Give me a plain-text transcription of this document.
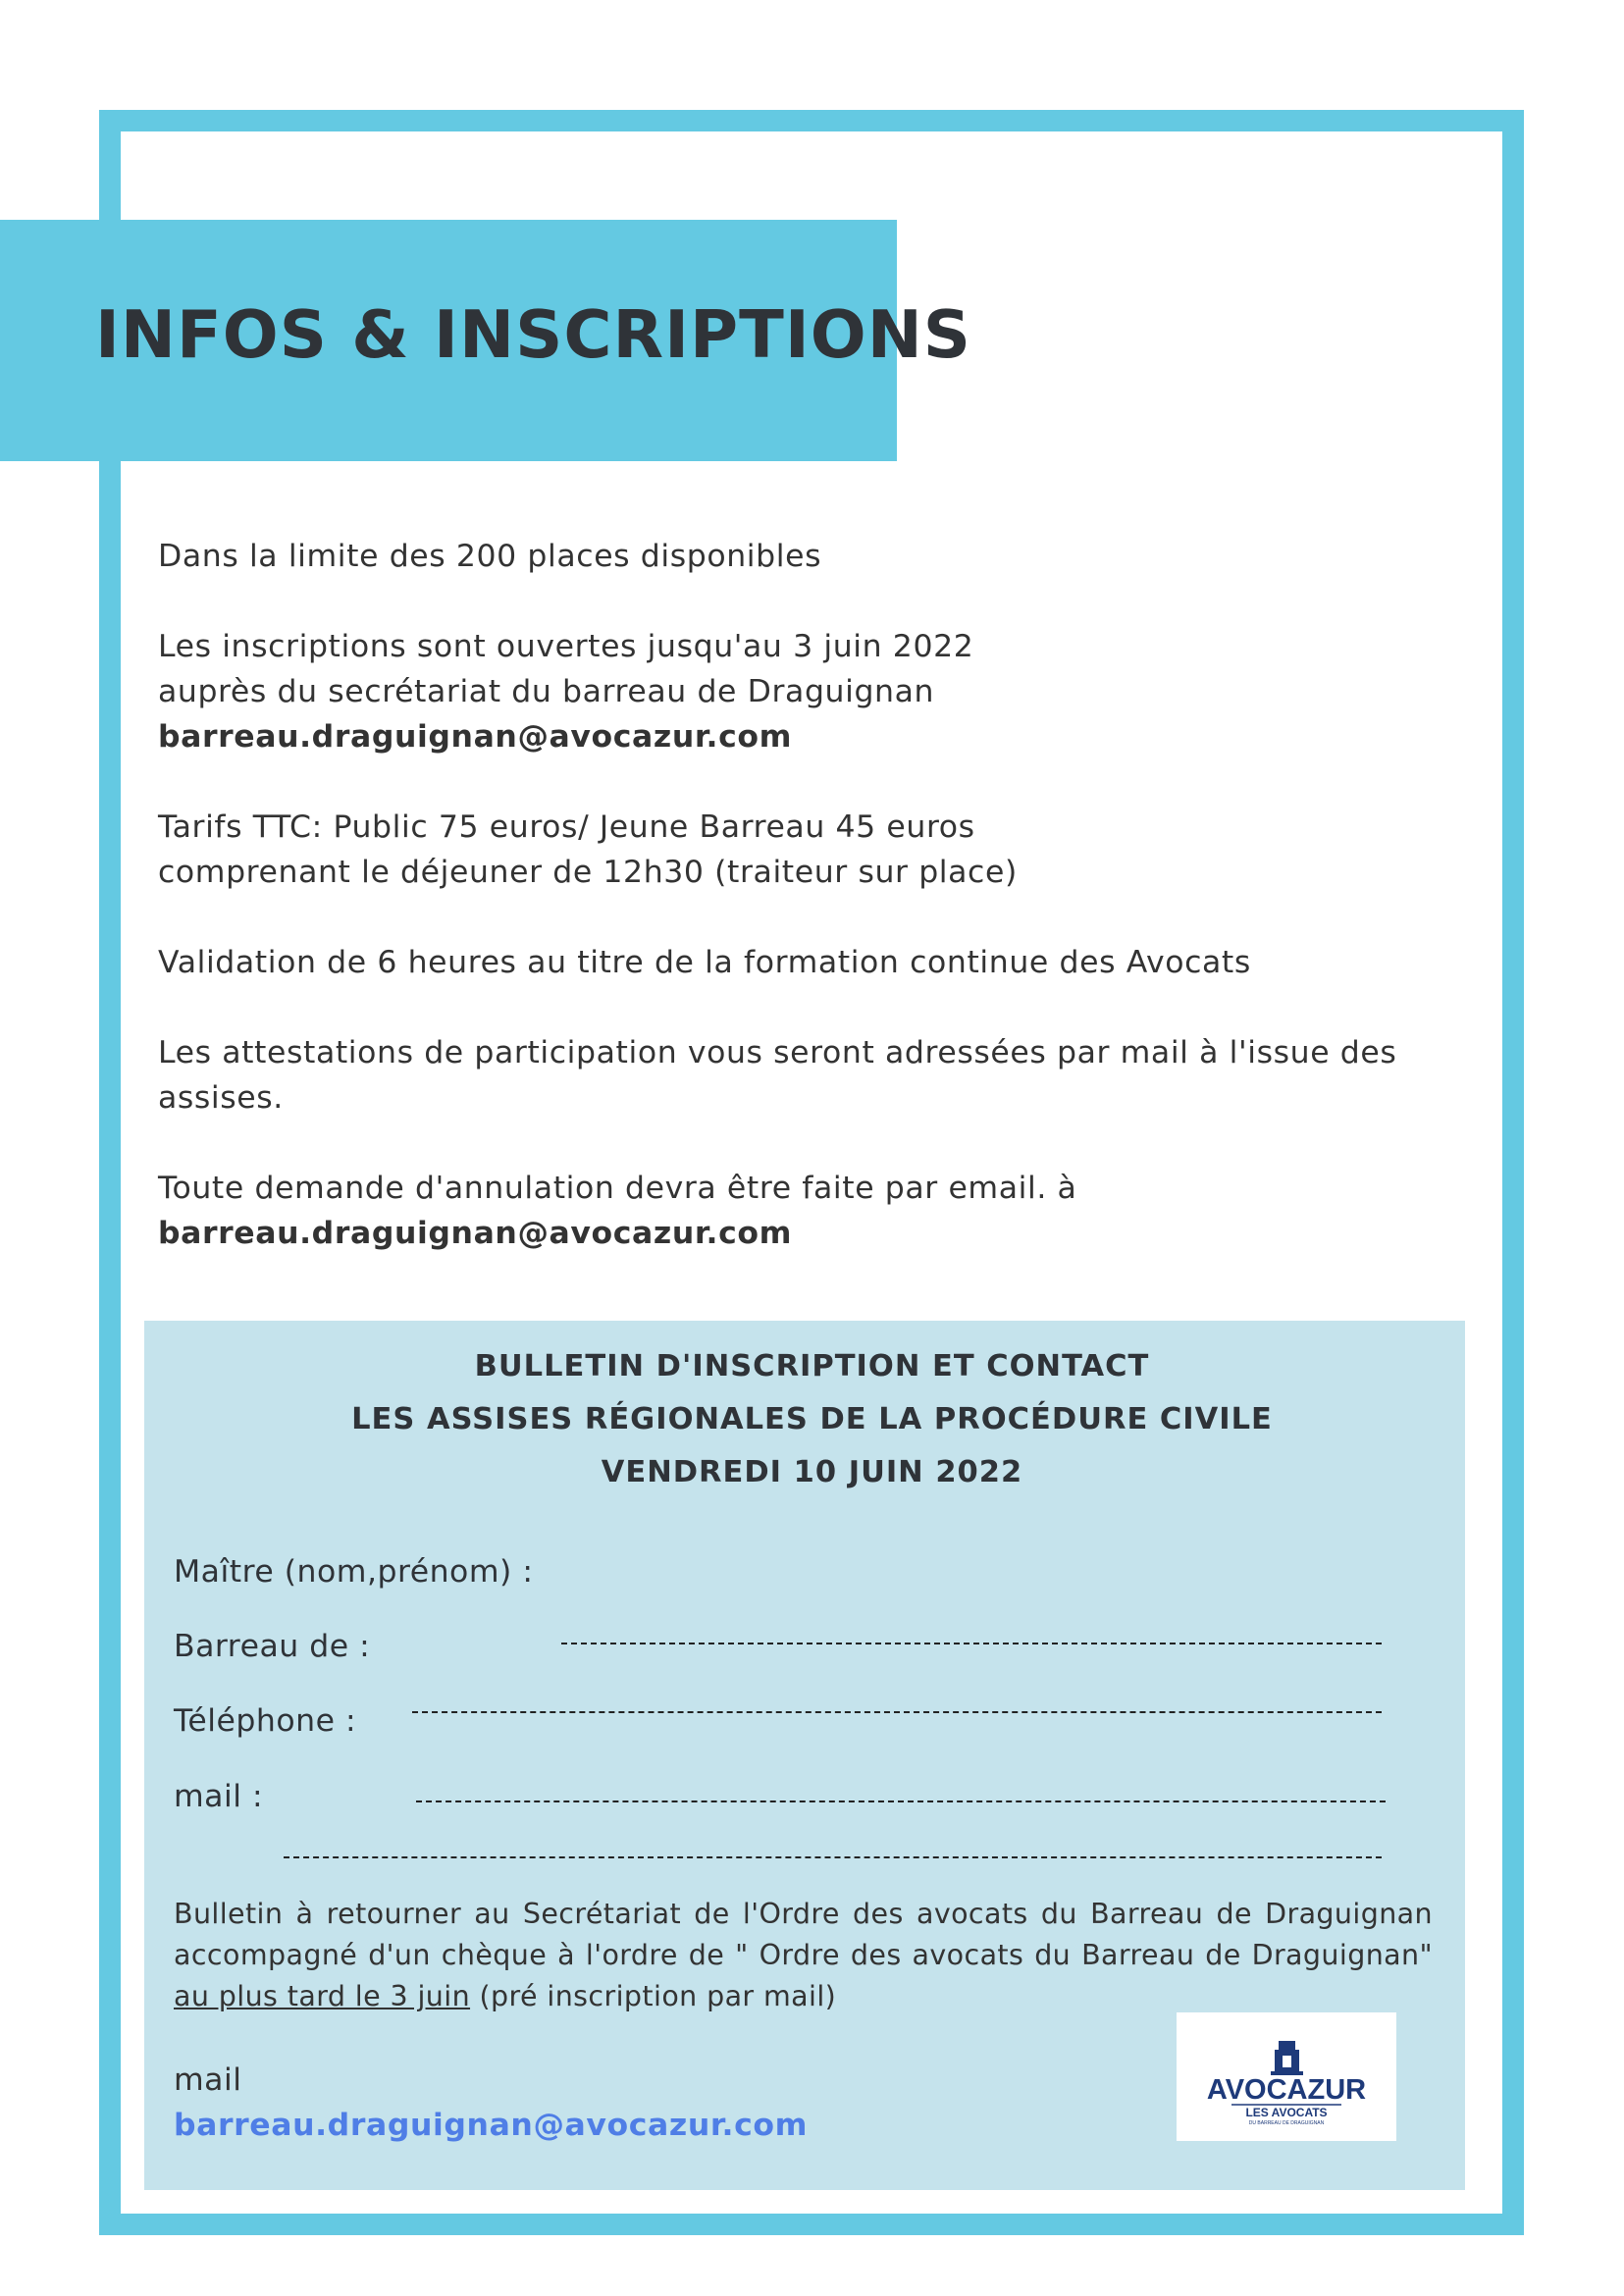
INFOS & INSCRIPTIONS

Dans la limite des 200 places disponibles

Les inscriptions sont ouvertes jusqu'au 3 juin 2022
auprès du secrétariat du barreau de Draguignan
barreau.draguignan@avocazur.com

Tarifs TTC: Public 75 euros/ Jeune Barreau 45 euros
comprenant le déjeuner de 12h30 (traiteur sur place)

Validation de 6 heures au titre de la formation continue des Avocats

Les attestations de participation vous seront adressées par mail à l'issue des
assises.

Toute demande d'annulation devra être faite par email. à
barreau.draguignan@avocazur.com

BULLETIN D'INSCRIPTION ET CONTACT
LES ASSISES RÉGIONALES DE LA PROCÉDURE CIVILE
VENDREDI 10 JUIN 2022
Maître (nom,prénom) :
Barreau de :
Téléphone :
mail :
Bulletin à retourner au Secrétariat de l'Ordre des avocats du Barreau de Draguignan
accompagné d'un chèque à l'ordre de " Ordre des avocats du Barreau de Draguignan"
au plus tard le 3 juin (pré inscription par mail)
mail
barreau.draguignan@avocazur.com
AVOCAZUR
LES AVOCATS
DU BARREAU DE DRAGUIGNAN
